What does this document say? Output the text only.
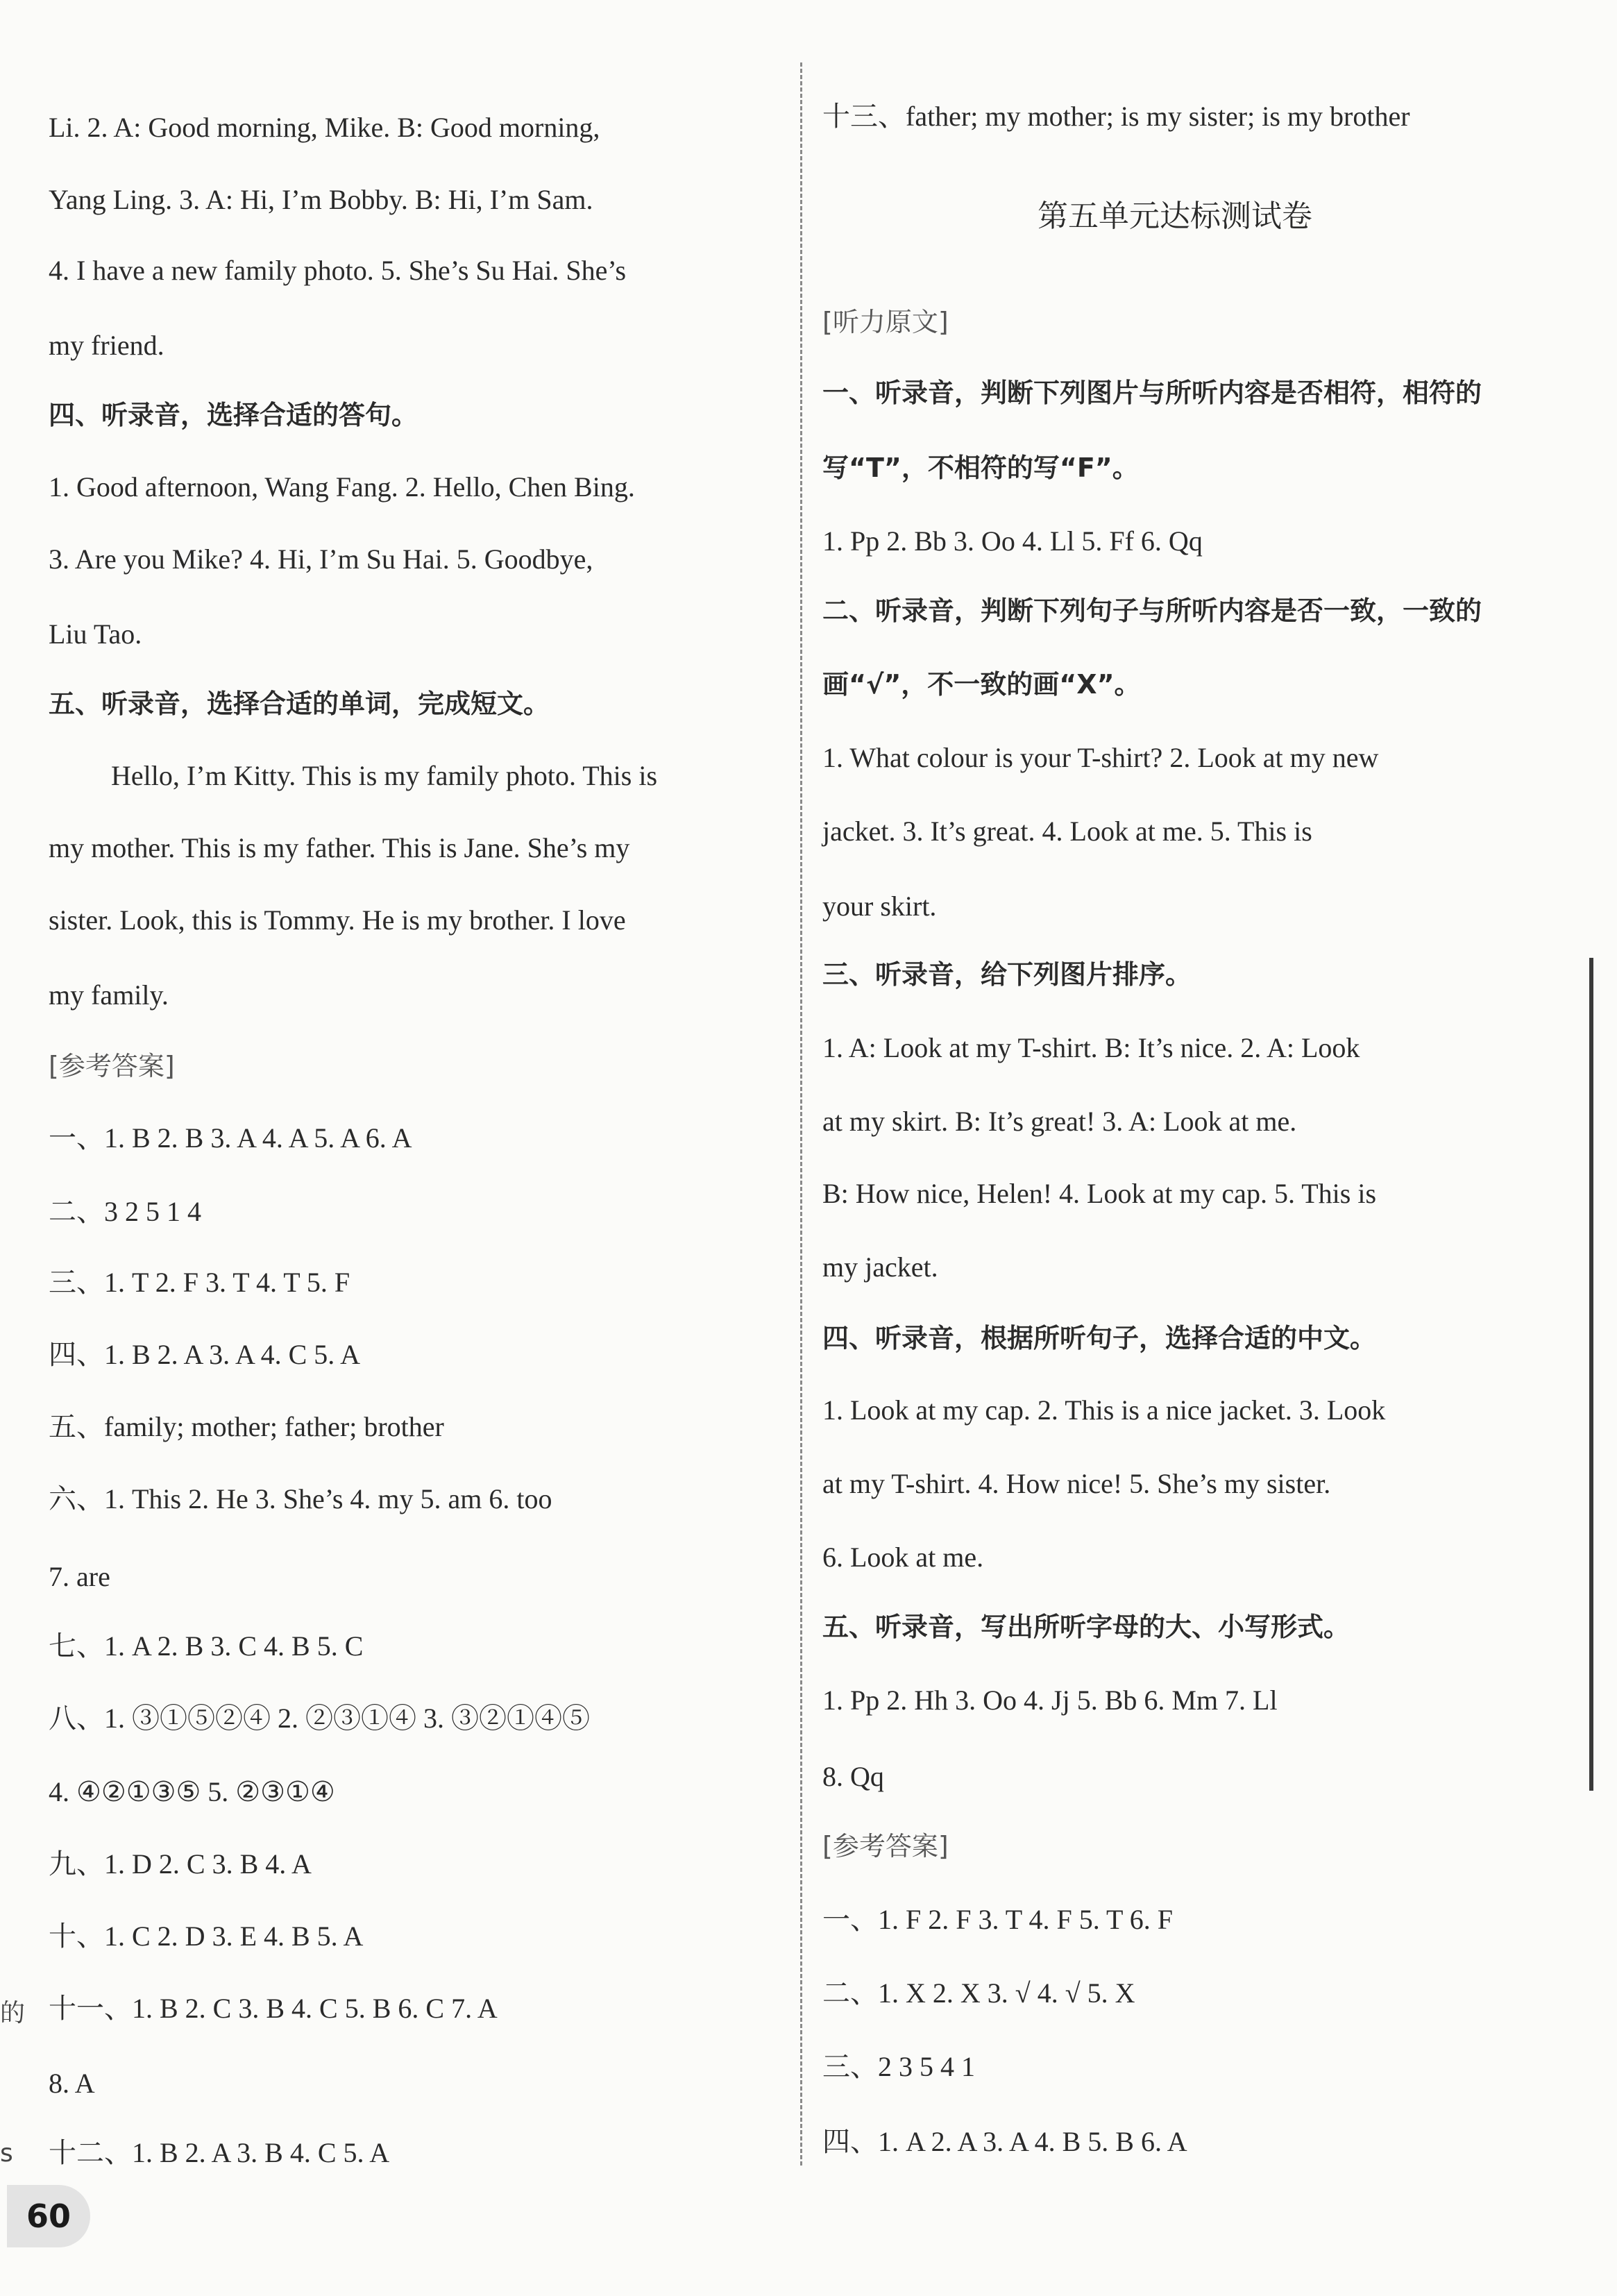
Li. 2. A: Good morning, Mike. B: Good morning,
Yang Ling. 3. A: Hi, I’m Bobby. B: Hi, I’m Sam.
4. I have a new family photo. 5. She’s Su Hai. She’s
my friend.
四、听录音，选择合适的答句。
1. Good afternoon, Wang Fang. 2. Hello, Chen Bing.
3. Are you Mike? 4. Hi, I’m Su Hai. 5. Goodbye,
Liu Tao.
五、听录音，选择合适的单词，完成短文。
Hello, I’m Kitty. This is my family photo. This is
my mother. This is my father. This is Jane. She’s my
sister. Look, this is Tommy. He is my brother. I love
my family.
[参考答案]
一、1. B 2. B 3. A 4. A 5. A 6. A
二、3 2 5 1 4
三、1. T 2. F 3. T 4. T 5. F
四、1. B 2. A 3. A 4. C 5. A
五、family; mother; father; brother
六、1. This 2. He 3. She’s 4. my 5. am 6. too
7. are
七、1. A 2. B 3. C 4. B 5. C
八、1. ③①⑤②④ 2. ②③①④ 3. ③②①④⑤
4. ④②①③⑤ 5. ②③①④
九、1. D 2. C 3. B 4. A
十、1. C 2. D 3. E 4. B 5. A
十一、1. B 2. C 3. B 4. C 5. B 6. C 7. A
8. A
十二、1. B 2. A 3. B 4. C 5. A
十三、father; my mother; is my sister; is my brother
第五单元达标测试卷
[听力原文]
一、听录音，判断下列图片与所听内容是否相符，相符的
写“T”，不相符的写“F”。
1. Pp 2. Bb 3. Oo 4. Ll 5. Ff 6. Qq
二、听录音，判断下列句子与所听内容是否一致，一致的
画“√”，不一致的画“X”。
1. What colour is your T-shirt? 2. Look at my new
jacket. 3. It’s great. 4. Look at me. 5. This is
your skirt.
三、听录音，给下列图片排序。
1. A: Look at my T-shirt. B: It’s nice. 2. A: Look
at my skirt. B: It’s great! 3. A: Look at me.
B: How nice, Helen! 4. Look at my cap. 5. This is
my jacket.
四、听录音，根据所听句子，选择合适的中文。
1. Look at my cap. 2. This is a nice jacket. 3. Look
at my T-shirt. 4. How nice! 5. She’s my sister.
6. Look at me.
五、听录音，写出所听字母的大、小写形式。
1. Pp 2. Hh 3. Oo 4. Jj 5. Bb 6. Mm 7. Ll
8. Qq
[参考答案]
一、1. F 2. F 3. T 4. F 5. T 6. F
二、1. X 2. X 3. √ 4. √ 5. X
三、2 3 5 4 1
四、1. A 2. A 3. A 4. B 5. B 6. A
的
s
60
